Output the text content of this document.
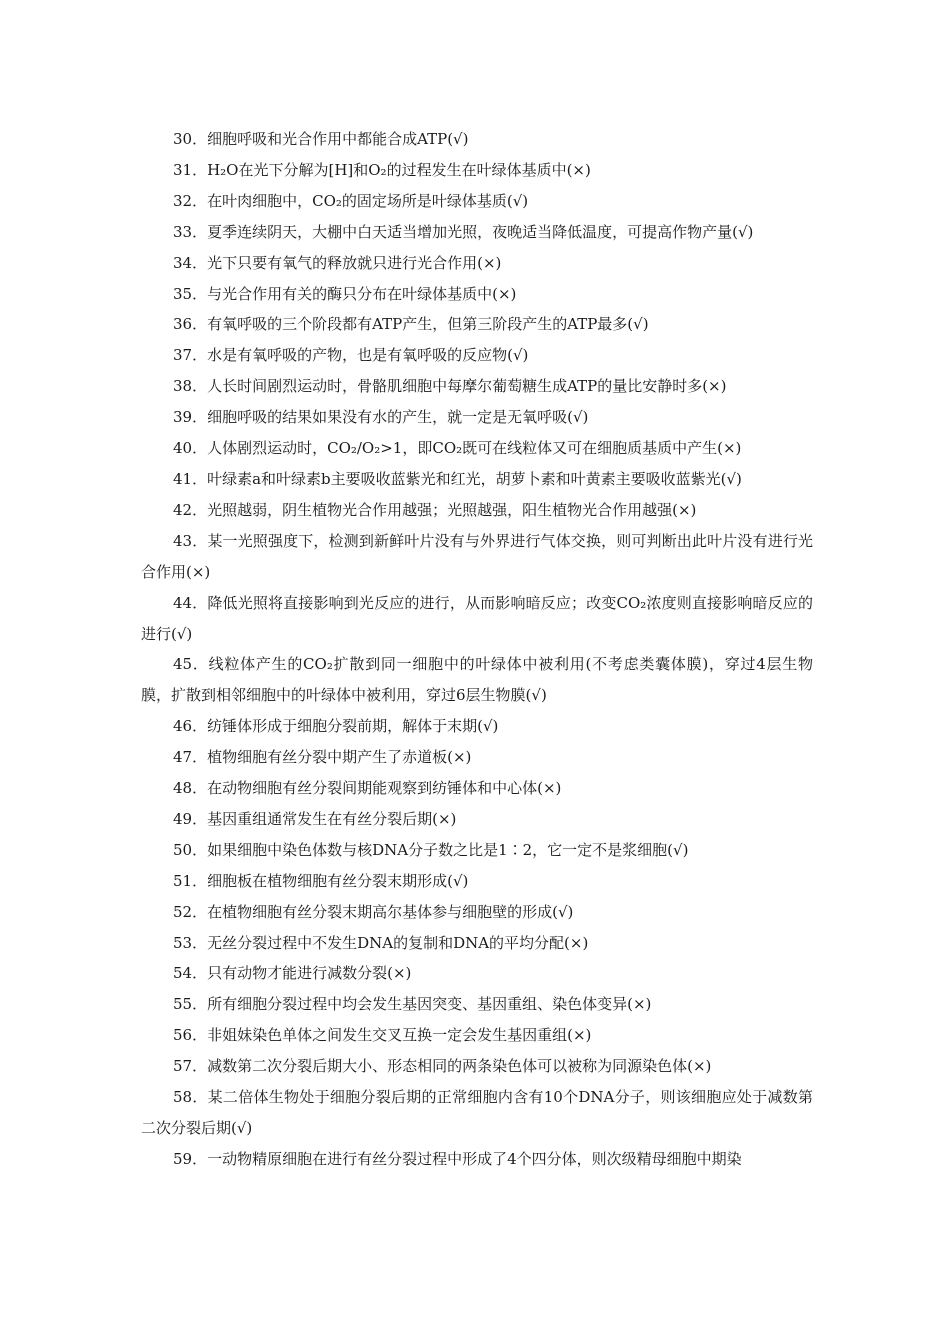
30．细胞呼吸和光合作用中都能合成ATP(√)

31．H₂O在光下分解为[H]和O₂的过程发生在叶绿体基质中(×)

32．在叶肉细胞中，CO₂的固定场所是叶绿体基质(√)

33．夏季连续阴天，大棚中白天适当增加光照，夜晚适当降低温度，可提高作物产量(√)

34．光下只要有氧气的释放就只进行光合作用(×)

35．与光合作用有关的酶只分布在叶绿体基质中(×)

36．有氧呼吸的三个阶段都有ATP产生，但第三阶段产生的ATP最多(√)

37．水是有氧呼吸的产物，也是有氧呼吸的反应物(√)

38．人长时间剧烈运动时，骨骼肌细胞中每摩尔葡萄糖生成ATP的量比安静时多(×)

39．细胞呼吸的结果如果没有水的产生，就一定是无氧呼吸(√)

40．人体剧烈运动时，CO₂/O₂>1，即CO₂既可在线粒体又可在细胞质基质中产生(×)

41．叶绿素a和叶绿素b主要吸收蓝紫光和红光，胡萝卜素和叶黄素主要吸收蓝紫光(√)

42．光照越弱，阴生植物光合作用越强；光照越强，阳生植物光合作用越强(×)

43．某一光照强度下，检测到新鲜叶片没有与外界进行气体交换，则可判断出此叶片没有进行光合作用(×)

44．降低光照将直接影响到光反应的进行，从而影响暗反应；改变CO₂浓度则直接影响暗反应的进行(√)

45．线粒体产生的CO₂扩散到同一细胞中的叶绿体中被利用(不考虑类囊体膜)，穿过4层生物膜，扩散到相邻细胞中的叶绿体中被利用，穿过6层生物膜(√)

46．纺锤体形成于细胞分裂前期，解体于末期(√)

47．植物细胞有丝分裂中期产生了赤道板(×)

48．在动物细胞有丝分裂间期能观察到纺锤体和中心体(×)

49．基因重组通常发生在有丝分裂后期(×)

50．如果细胞中染色体数与核DNA分子数之比是1∶2，它一定不是浆细胞(√)

51．细胞板在植物细胞有丝分裂末期形成(√)

52．在植物细胞有丝分裂末期高尔基体参与细胞壁的形成(√)

53．无丝分裂过程中不发生DNA的复制和DNA的平均分配(×)

54．只有动物才能进行减数分裂(×)

55．所有细胞分裂过程中均会发生基因突变、基因重组、染色体变异(×)

56．非姐妹染色单体之间发生交叉互换一定会发生基因重组(×)

57．减数第二次分裂后期大小、形态相同的两条染色体可以被称为同源染色体(×)

58．某二倍体生物处于细胞分裂后期的正常细胞内含有10个DNA分子，则该细胞应处于减数第二次分裂后期(√)

59．一动物精原细胞在进行有丝分裂过程中形成了4个四分体，则次级精母细胞中期染
